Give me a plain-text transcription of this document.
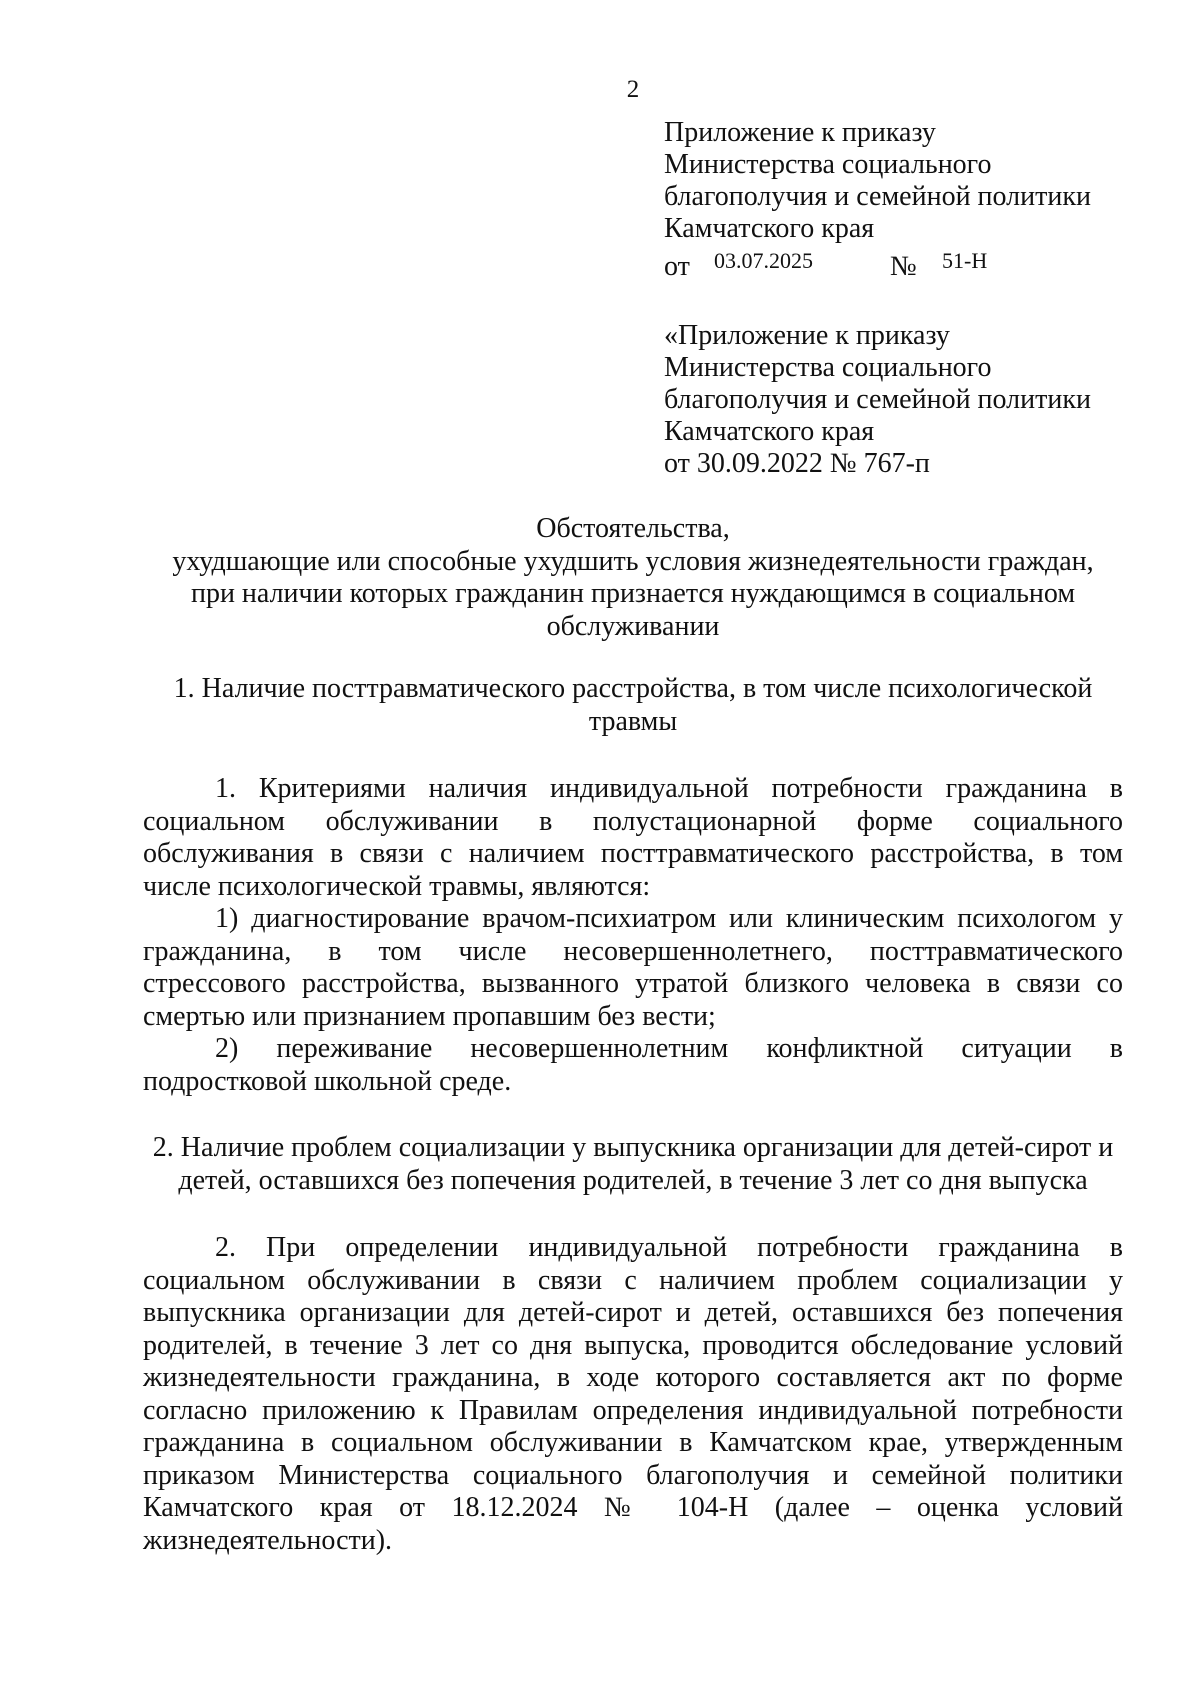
2
Приложение к приказу
Министерства социального
благополучия и семейной политики
Камчатского края
от 03.07.2025	№ 51-Н
«Приложение к приказу
Министерства социального
благополучия и семейной политики
Камчатского края
от 30.09.2022 № 767-п
Обстоятельства,
ухудшающие или способные ухудшить условия жизнедеятельности граждан,
при наличии которых гражданин признается нуждающимся в социальном
обслуживании
1. Наличие посттравматического расстройства, в том числе психологической
травмы
1. Критериями наличия индивидуальной потребности гражданина в
социальном обслуживании в полустационарной форме социального
обслуживания в связи с наличием посттравматического расстройства, в том
числе психологической травмы, являются:
1) диагностирование врачом-психиатром или клиническим психологом у
гражданина, в том числе несовершеннолетнего, посттравматического
стрессового расстройства, вызванного утратой близкого человека в связи со
смертью или признанием пропавшим без вести;
2) переживание несовершеннолетним конфликтной ситуации в
подростковой школьной среде.
2. Наличие проблем социализации у выпускника организации для детей-сирот и
детей, оставшихся без попечения родителей, в течение 3 лет со дня выпуска
2. При определении индивидуальной потребности гражданина в
социальном обслуживании в связи с наличием проблем социализации у
выпускника организации для детей-сирот и детей, оставшихся без попечения
родителей, в течение 3 лет со дня выпуска, проводится обследование условий
жизнедеятельности гражданина, в ходе которого составляется акт по форме
согласно приложению к Правилам определения индивидуальной потребности
гражданина в социальном обслуживании в Камчатском крае, утвержденным
приказом Министерства социального благополучия и семейной политики
Камчатского края от 18.12.2024 № 104-Н (далее – оценка условий
жизнедеятельности).
